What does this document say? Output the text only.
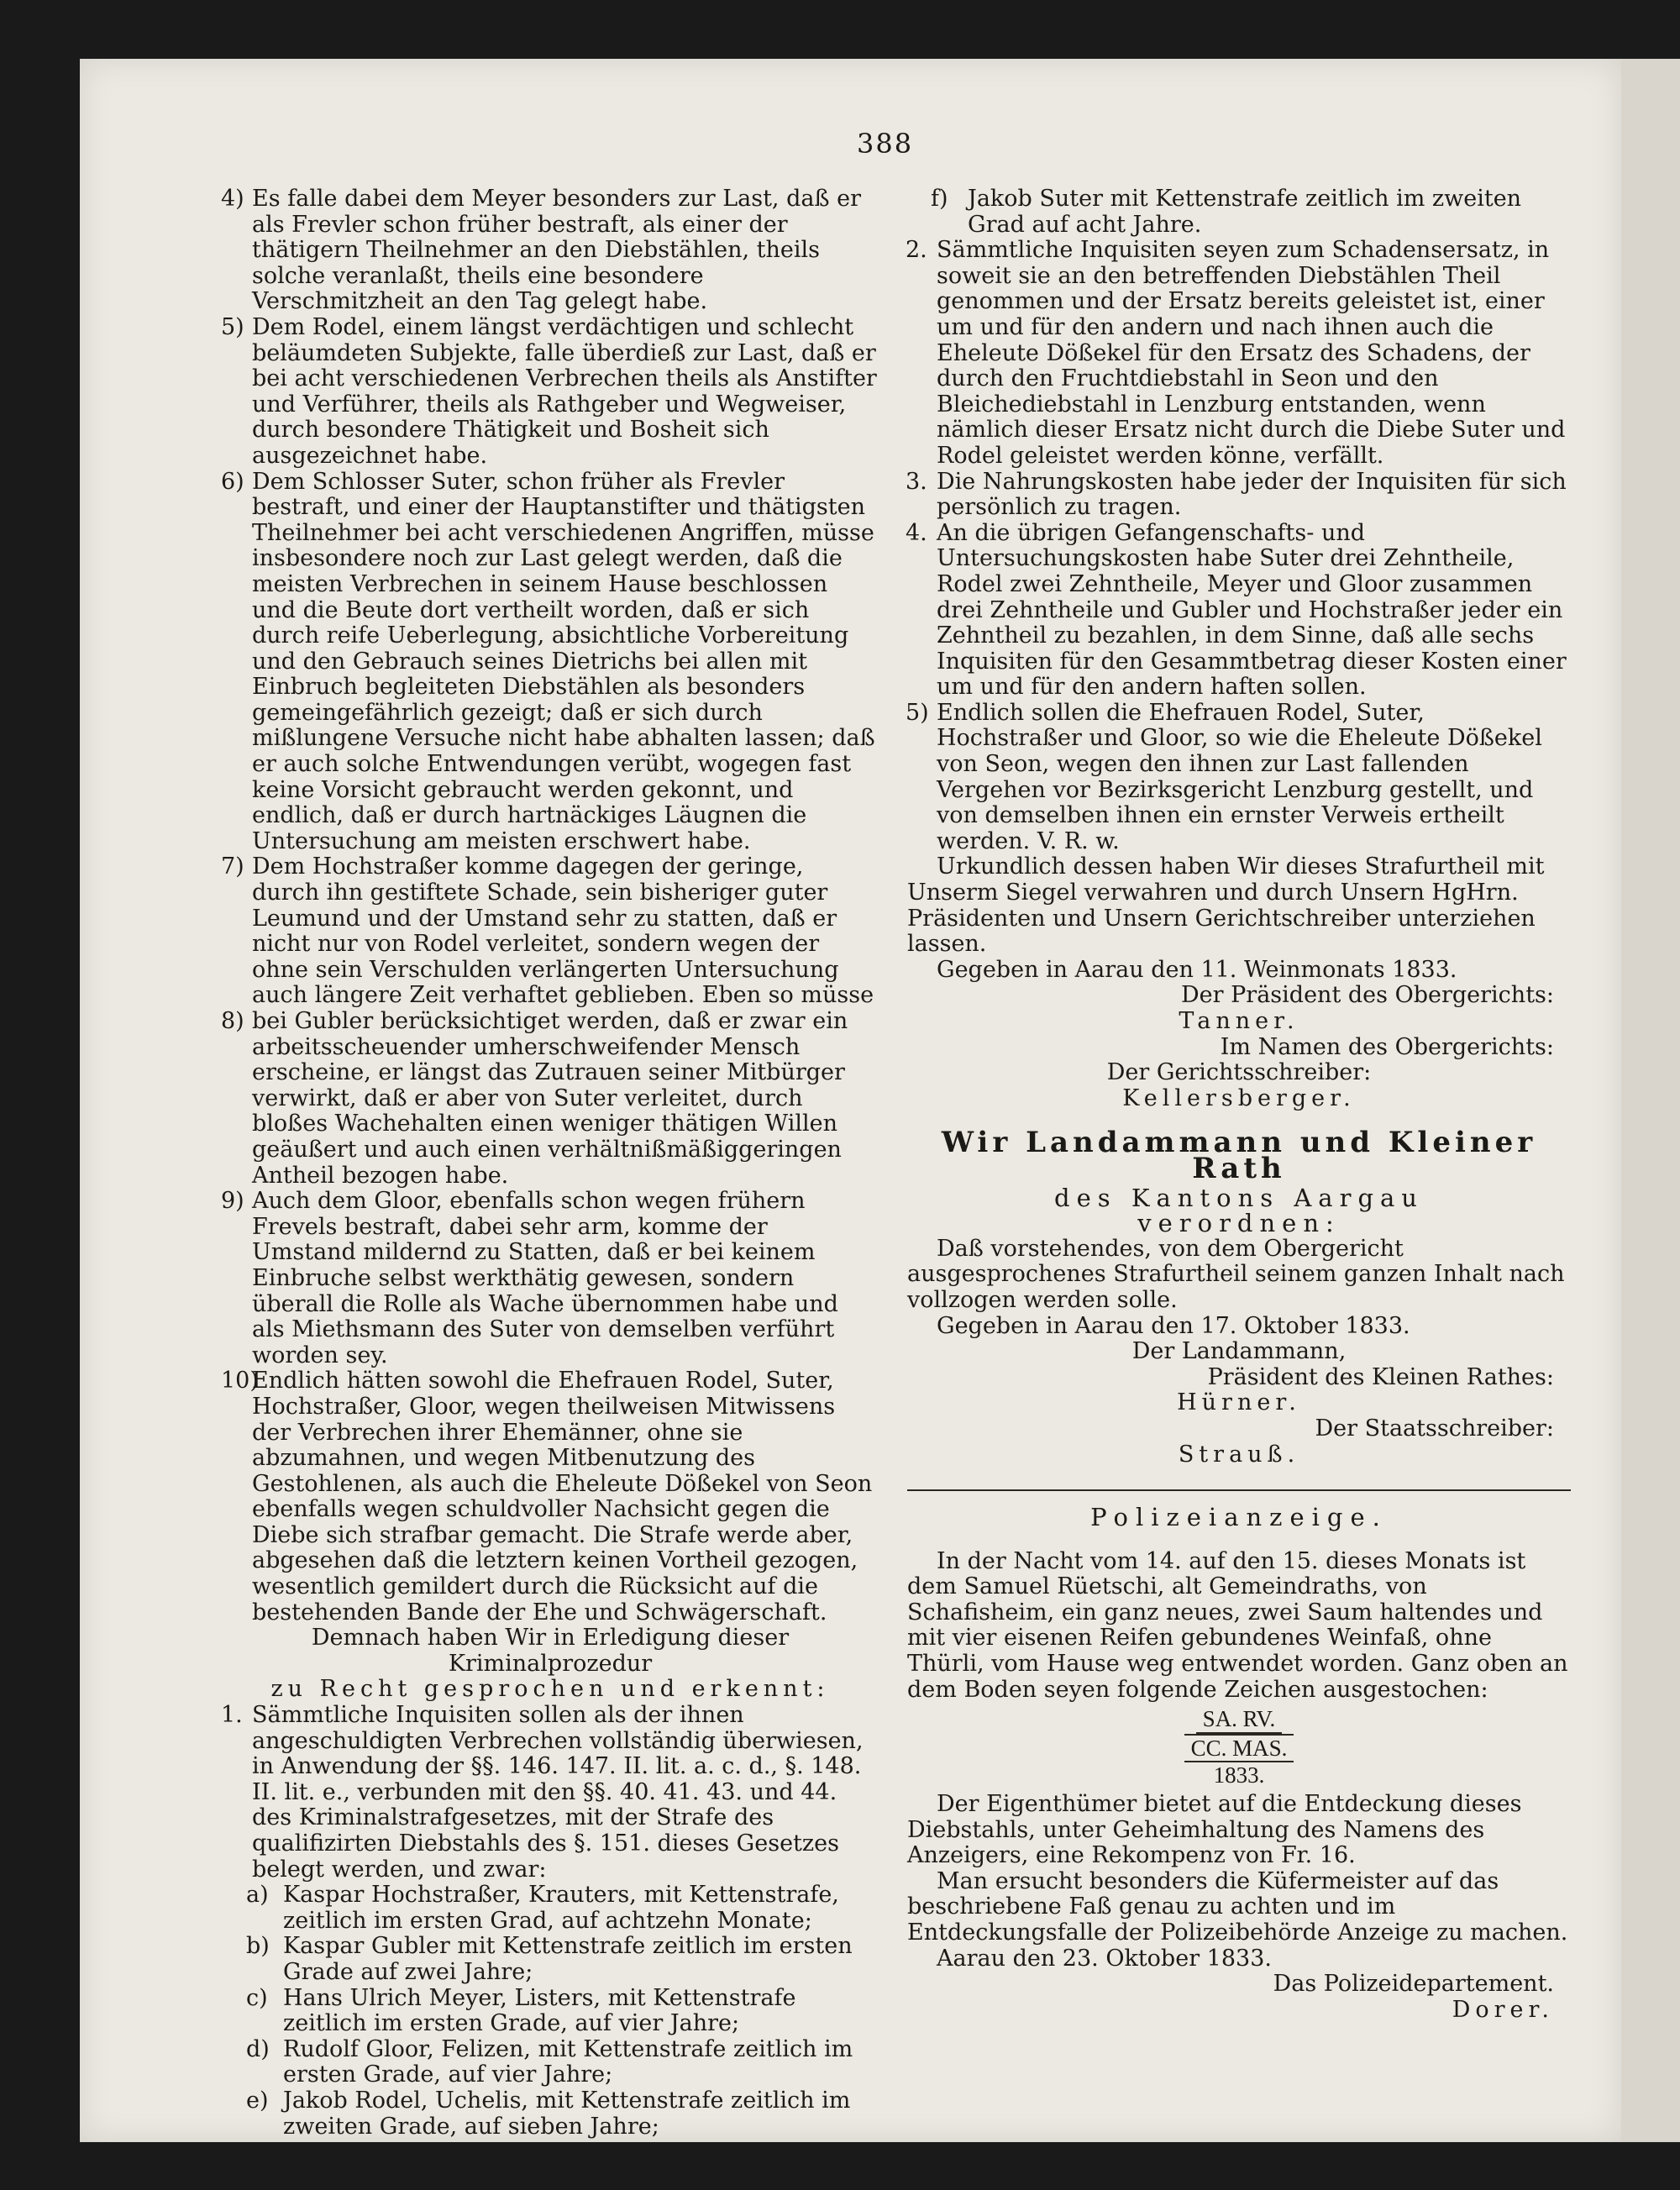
388
4) Es falle dabei dem Meyer besonders zur Last, daß er als Frevler schon früher bestraft, als einer der thätigern Theilnehmer an den Diebstählen, theils solche veranlaßt, theils eine besondere Verschmitzheit an den Tag gelegt habe.
5) Dem Rodel, einem längst verdächtigen und schlecht beläumdeten Subjekte, falle überdieß zur Last, daß er bei acht verschiedenen Verbrechen theils als Anstifter und Verführer, theils als Rathgeber und Wegweiser, durch besondere Thätigkeit und Bosheit sich ausgezeichnet habe.
6) Dem Schlosser Suter, schon früher als Frevler bestraft, und einer der Hauptanstifter und thätigsten Theilnehmer bei acht verschiedenen Angriffen, müsse insbesondere noch zur Last gelegt werden, daß die meisten Verbrechen in seinem Hause beschlossen und die Beute dort vertheilt worden, daß er sich durch reife Ueberlegung, absichtliche Vorbereitung und den Gebrauch seines Dietrichs bei allen mit Einbruch begleiteten Diebstählen als besonders gemeingefährlich gezeigt; daß er sich durch mißlungene Versuche nicht habe abhalten lassen; daß er auch solche Entwendungen verübt, wogegen fast keine Vorsicht gebraucht werden gekonnt, und endlich, daß er durch hartnäckiges Läugnen die Untersuchung am meisten erschwert habe.
7) Dem Hochstraßer komme dagegen der geringe, durch ihn gestiftete Schade, sein bisheriger guter Leumund und der Umstand sehr zu statten, daß er nicht nur von Rodel verleitet, sondern wegen der ohne sein Verschulden verlängerten Untersuchung auch längere Zeit verhaftet geblieben. Eben so müsse
8) bei Gubler berücksichtiget werden, daß er zwar ein arbeitsscheuender umherschweifender Mensch erscheine, er längst das Zutrauen seiner Mitbürger verwirkt, daß er aber von Suter verleitet, durch bloßes Wachehalten einen weniger thätigen Willen geäußert und auch einen verhältnißmäßiggeringen Antheil bezogen habe.
9) Auch dem Gloor, ebenfalls schon wegen frühern Frevels bestraft, dabei sehr arm, komme der Umstand mildernd zu Statten, daß er bei keinem Einbruche selbst werkthätig gewesen, sondern überall die Rolle als Wache übernommen habe und als Miethsmann des Suter von demselben verführt worden sey.
10)
Endlich hätten sowohl die Ehefrauen Rodel, Suter, Hochstraßer, Gloor, wegen theilweisen Mitwissens der Verbrechen ihrer Ehemänner, ohne sie abzumahnen, und wegen Mitbenutzung des Gestohlenen, als auch die Eheleute Dößekel von Seon ebenfalls wegen schuldvoller Nachsicht gegen die Diebe sich strafbar gemacht. Die Strafe werde aber, abgesehen daß die letztern keinen Vortheil gezogen, wesentlich gemildert durch die Rücksicht auf die bestehenden Bande der Ehe und Schwägerschaft.

Demnach haben Wir in Erledigung dieser Kriminalprozedur

zu Recht gesprochen und erkennt:

1. Sämmtliche Inquisiten sollen als der ihnen angeschuldigten Verbrechen vollständig überwiesen, in Anwendung der §§. 146. 147. II. lit. a. c. d., §. 148. II. lit. e., verbunden mit den §§. 40. 41. 43. und 44. des Kriminalstrafgesetzes, mit der Strafe des qualifizirten Diebstahls des §. 151. dieses Gesetzes belegt werden, und zwar:
a) Kaspar Hochstraßer, Krauters, mit Kettenstrafe, zeitlich im ersten Grad, auf achtzehn Monate;
b) Kaspar Gubler mit Kettenstrafe zeitlich im ersten Grade auf zwei Jahre;
c) Hans Ulrich Meyer, Listers, mit Kettenstrafe zeitlich im ersten Grade, auf vier Jahre;
d) Rudolf Gloor, Felizen, mit Kettenstrafe zeitlich im ersten Grade, auf vier Jahre;
e) Jakob Rodel, Uchelis, mit Kettenstrafe zeitlich im zweiten Grade, auf sieben Jahre;
f) Jakob Suter mit Kettenstrafe zeitlich im zweiten Grad auf acht Jahre.
2. Sämmtliche Inquisiten seyen zum Schadensersatz, in soweit sie an den betreffenden Diebstählen Theil genommen und der Ersatz bereits geleistet ist, einer um und für den andern und nach ihnen auch die Eheleute Dößekel für den Ersatz des Schadens, der durch den Fruchtdiebstahl in Seon und den Bleichediebstahl in Lenzburg entstanden, wenn nämlich dieser Ersatz nicht durch die Diebe Suter und Rodel geleistet werden könne, verfällt.
3. Die Nahrungskosten habe jeder der Inquisiten für sich persönlich zu tragen.
4. An die übrigen Gefangenschafts- und Untersuchungskosten habe Suter drei Zehntheile, Rodel zwei Zehntheile, Meyer und Gloor zusammen drei Zehntheile und Gubler und Hochstraßer jeder ein Zehntheil zu bezahlen, in dem Sinne, daß alle sechs Inquisiten für den Gesammtbetrag dieser Kosten einer um und für den andern haften sollen.
5) Endlich sollen die Ehefrauen Rodel, Suter, Hochstraßer und Gloor, so wie die Eheleute Dößekel von Seon, wegen den ihnen zur Last fallenden Vergehen vor Bezirksgericht Lenzburg gestellt, und von demselben ihnen ein ernster Verweis ertheilt werden. V. R. w.

Urkundlich dessen haben Wir dieses Strafurtheil mit Unserm Siegel verwahren und durch Unsern HgHrn. Präsidenten und Unsern Gerichtschreiber unterziehen lassen.

Gegeben in Aarau den 11. Weinmonats 1833.

Der Präsident des Obergerichts:

Tanner.

Im Namen des Obergerichts:

Der Gerichtsschreiber:

Kellersberger.

Wir Landammann und Kleiner Rath

des Kantons Aargau

verordnen:

Daß vorstehendes, von dem Obergericht ausgesprochenes Strafurtheil seinem ganzen Inhalt nach vollzogen werden solle.

Gegeben in Aarau den 17. Oktober 1833.

Der Landammann,

Präsident des Kleinen Rathes:

Hürner.

Der Staatsschreiber:

Strauß.

Polizeianzeige.

In der Nacht vom 14. auf den 15. dieses Monats ist dem Samuel Rüetschi, alt Gemeindraths, von Schafisheim, ein ganz neues, zwei Saum haltendes und mit vier eisenen Reifen gebundenes Weinfaß, ohne Thürli, vom Hause weg entwendet worden. Ganz oben an dem Boden seyen folgende Zeichen ausgestochen:

SA. RV.
CC. MAS.
1833.

Der Eigenthümer bietet auf die Entdeckung dieses Diebstahls, unter Geheimhaltung des Namens des Anzeigers, eine Rekompenz von Fr. 16.

Man ersucht besonders die Küfermeister auf das beschriebene Faß genau zu achten und im Entdeckungsfalle der Polizeibehörde Anzeige zu machen.

Aarau den 23. Oktober 1833.

Das Polizeidepartement.

Dorer.
